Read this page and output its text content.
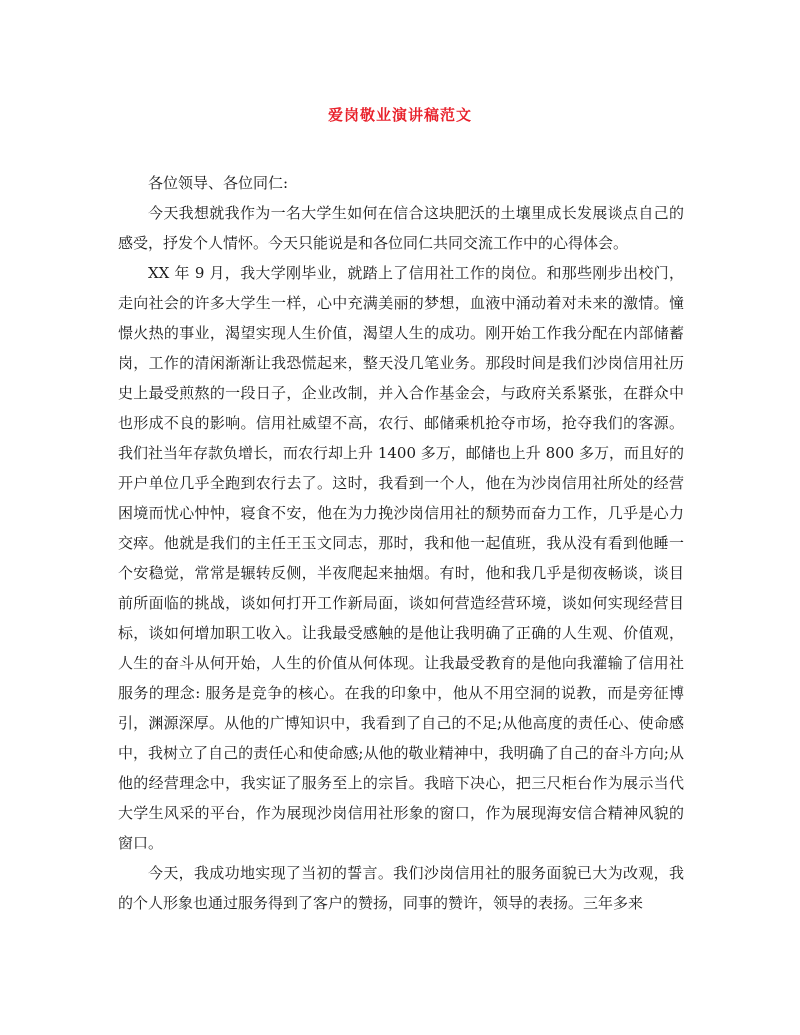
爱岗敬业演讲稿范文

各位领导、各位同仁:

今天我想就我作为一名大学生如何在信合这块肥沃的土壤里成长发展谈点自己的感受，抒发个人情怀。今天只能说是和各位同仁共同交流工作中的心得体会。

XX 年 9 月，我大学刚毕业，就踏上了信用社工作的岗位。和那些刚步出校门，走向社会的许多大学生一样，心中充满美丽的梦想，血液中涌动着对未来的激情。憧憬火热的事业，渴望实现人生价值，渴望人生的成功。刚开始工作我分配在内部储蓄岗，工作的清闲渐渐让我恐慌起来，整天没几笔业务。那段时间是我们沙岗信用社历史上最受煎熬的一段日子，企业改制，并入合作基金会，与政府关系紧张，在群众中也形成不良的影响。信用社威望不高，农行、邮储乘机抢夺市场，抢夺我们的客源。我们社当年存款负增长，而农行却上升 1400 多万，邮储也上升 800 多万，而且好的开户单位几乎全跑到农行去了。这时，我看到一个人，他在为沙岗信用社所处的经营困境而忧心忡忡，寝食不安，他在为力挽沙岗信用社的颓势而奋力工作，几乎是心力交瘁。他就是我们的主任王玉文同志，那时，我和他一起值班，我从没有看到他睡一个安稳觉，常常是辗转反侧，半夜爬起来抽烟。有时，他和我几乎是彻夜畅谈，谈目前所面临的挑战，谈如何打开工作新局面，谈如何营造经营环境，谈如何实现经营目标，谈如何增加职工收入。让我最受感触的是他让我明确了正确的人生观、价值观，人生的奋斗从何开始，人生的价值从何体现。让我最受教育的是他向我灌输了信用社服务的理念: 服务是竞争的核心。在我的印象中，他从不用空洞的说教，而是旁征博引，渊源深厚。从他的广博知识中，我看到了自己的不足;从他高度的责任心、使命感中，我树立了自己的责任心和使命感;从他的敬业精神中，我明确了自己的奋斗方向;从他的经营理念中，我实证了服务至上的宗旨。我暗下决心，把三尺柜台作为展示当代大学生风采的平台，作为展现沙岗信用社形象的窗口，作为展现海安信合精神风貌的窗口。

今天，我成功地实现了当初的誓言。我们沙岗信用社的服务面貌已大为改观，我的个人形象也通过服务得到了客户的赞扬，同事的赞许，领导的表扬。三年多来
